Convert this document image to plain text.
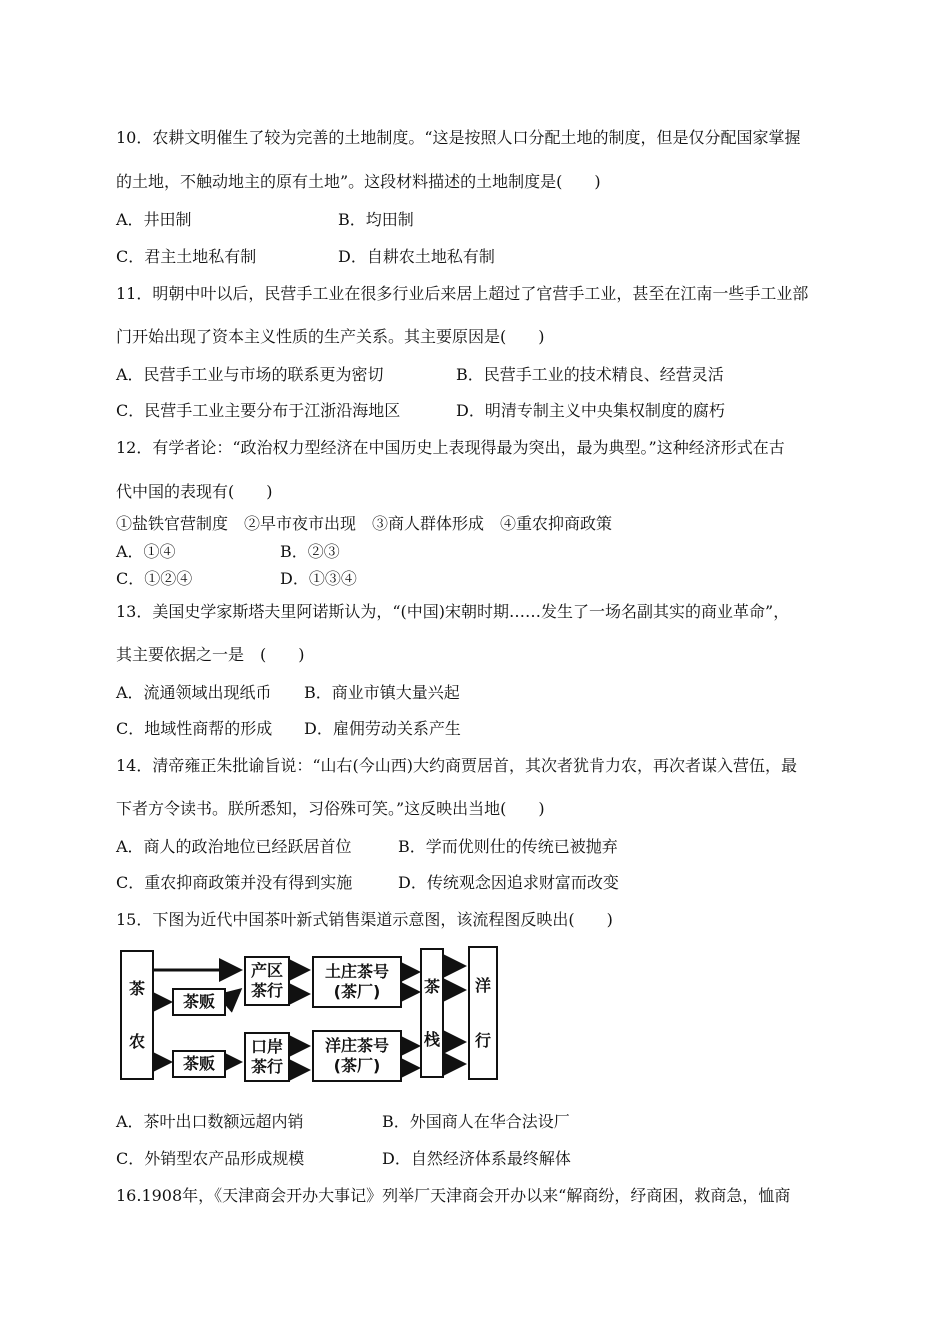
10．农耕文明催生了较为完善的土地制度。“这是按照人口分配土地的制度，但是仅分配国家掌握
的土地，不触动地主的原有土地”。这段材料描述的土地制度是(　　)
A．井田制	B．均田制
C．君主土地私有制	D．自耕农土地私有制
11．明朝中叶以后，民营手工业在很多行业后来居上超过了官营手工业，甚至在江南一些手工业部
门开始出现了资本主义性质的生产关系。其主要原因是(　　)
A．民营手工业与市场的联系更为密切	B．民营手工业的技术精良、经营灵活
C．民营手工业主要分布于江浙沿海地区	D．明清专制主义中央集权制度的腐朽
12．有学者论：“政治权力型经济在中国历史上表现得最为突出，最为典型。”这种经济形式在古
代中国的表现有(　　)
①盐铁官营制度　②早市夜市出现　③商人群体形成　④重农抑商政策
A．①④	B．②③
C．①②④	D．①③④
13．美国史学家斯塔夫里阿诺斯认为，“(中国)宋朝时期……发生了一场名副其实的商业革命”，
其主要依据之一是　(　　)
A．流通领域出现纸币 B．商业市镇大量兴起
C．地域性商帮的形成 D．雇佣劳动关系产生
14．清帝雍正朱批谕旨说：“山右(今山西)大约商贾居首，其次者犹肯力农，再次者谋入营伍，最
下者方令读书。朕所悉知，习俗殊可笑。”这反映出当地(　　)
A．商人的政治地位已经跃居首位	B．学而优则仕的传统已被抛弃
C．重农抑商政策并没有得到实施	D．传统观念因追求财富而改变
15．下图为近代中国茶叶新式销售渠道示意图，该流程图反映出(　　)
茶
农
茶贩
茶贩
产区
茶行
口岸
茶行
土庄茶号
(茶厂)
洋庄茶号
(茶厂)
茶
栈
洋
行
A．茶叶出口数额远超内销	B．外国商人在华合法设厂
C．外销型农产品形成规模	D．自然经济体系最终解体
16.1908年，《天津商会开办大事记》列举厂天津商会开办以来“解商纷，纾商困，救商急，恤商
